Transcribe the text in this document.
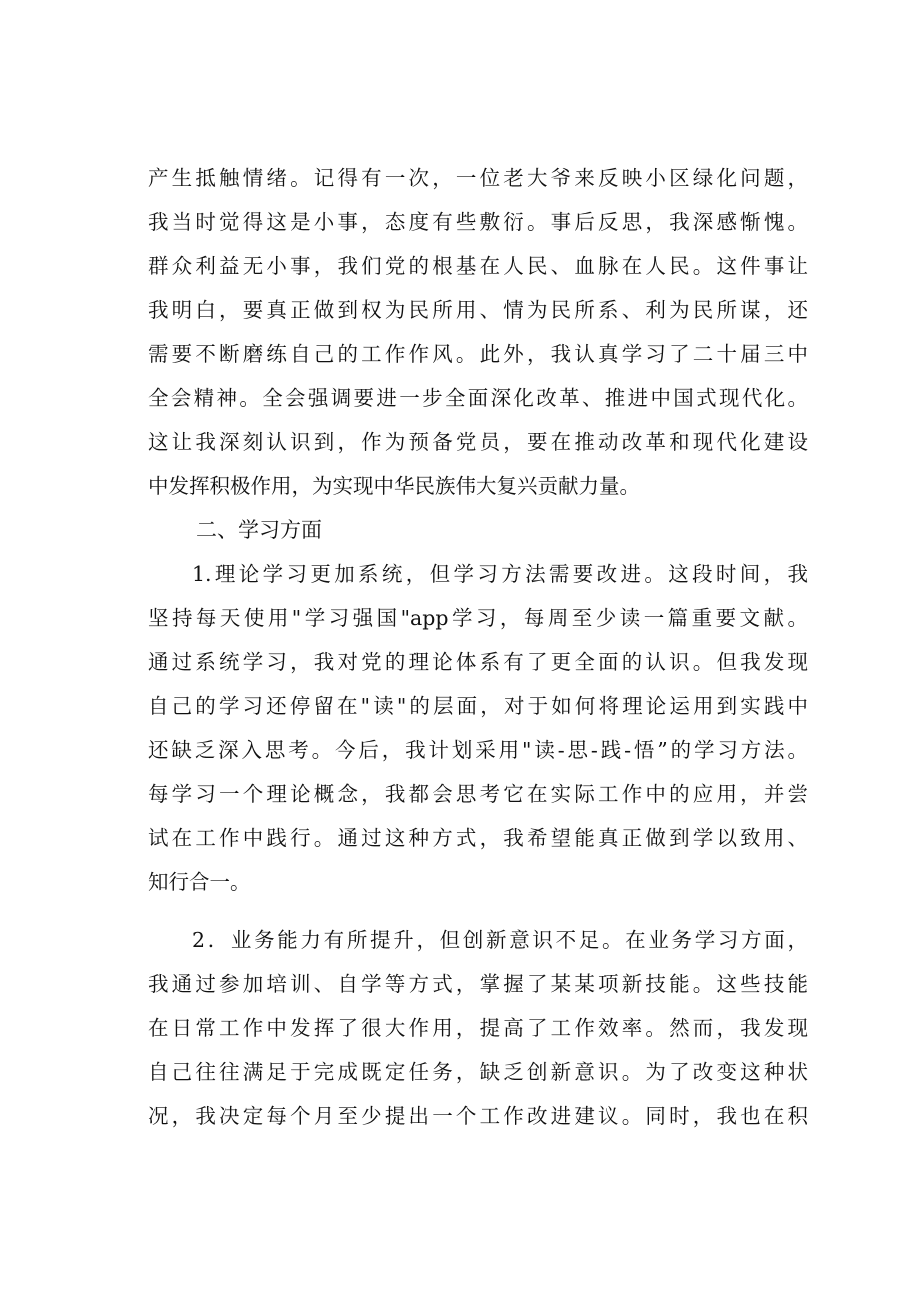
产生抵触情绪。记得有一次，一位老大爷来反映小区绿化问题，
我当时觉得这是小事，态度有些敷衍。事后反思，我深感惭愧。
群众利益无小事，我们党的根基在人民、血脉在人民。这件事让
我明白，要真正做到权为民所用、情为民所系、利为民所谋，还
需要不断磨练自己的工作作风。此外，我认真学习了二十届三中
全会精神。全会强调要进一步全面深化改革、推进中国式现代化。
这让我深刻认识到，作为预备党员，要在推动改革和现代化建设
中发挥积极作用，为实现中华民族伟大复兴贡献力量。
二、学习方面
1.理论学习更加系统，但学习方法需要改进。这段时间，我
坚持每天使用"学习强国"app学习，每周至少读一篇重要文献。
通过系统学习，我对党的理论体系有了更全面的认识。但我发现
自己的学习还停留在"读"的层面，对于如何将理论运用到实践中
还缺乏深入思考。今后，我计划采用"读-思-践-悟”的学习方法。
每学习一个理论概念，我都会思考它在实际工作中的应用，并尝
试在工作中践行。通过这种方式，我希望能真正做到学以致用、
知行合一。
2．业务能力有所提升，但创新意识不足。在业务学习方面，
我通过参加培训、自学等方式，掌握了某某项新技能。这些技能
在日常工作中发挥了很大作用，提高了工作效率。然而，我发现
自己往往满足于完成既定任务，缺乏创新意识。为了改变这种状
况，我决定每个月至少提出一个工作改进建议。同时，我也在积
